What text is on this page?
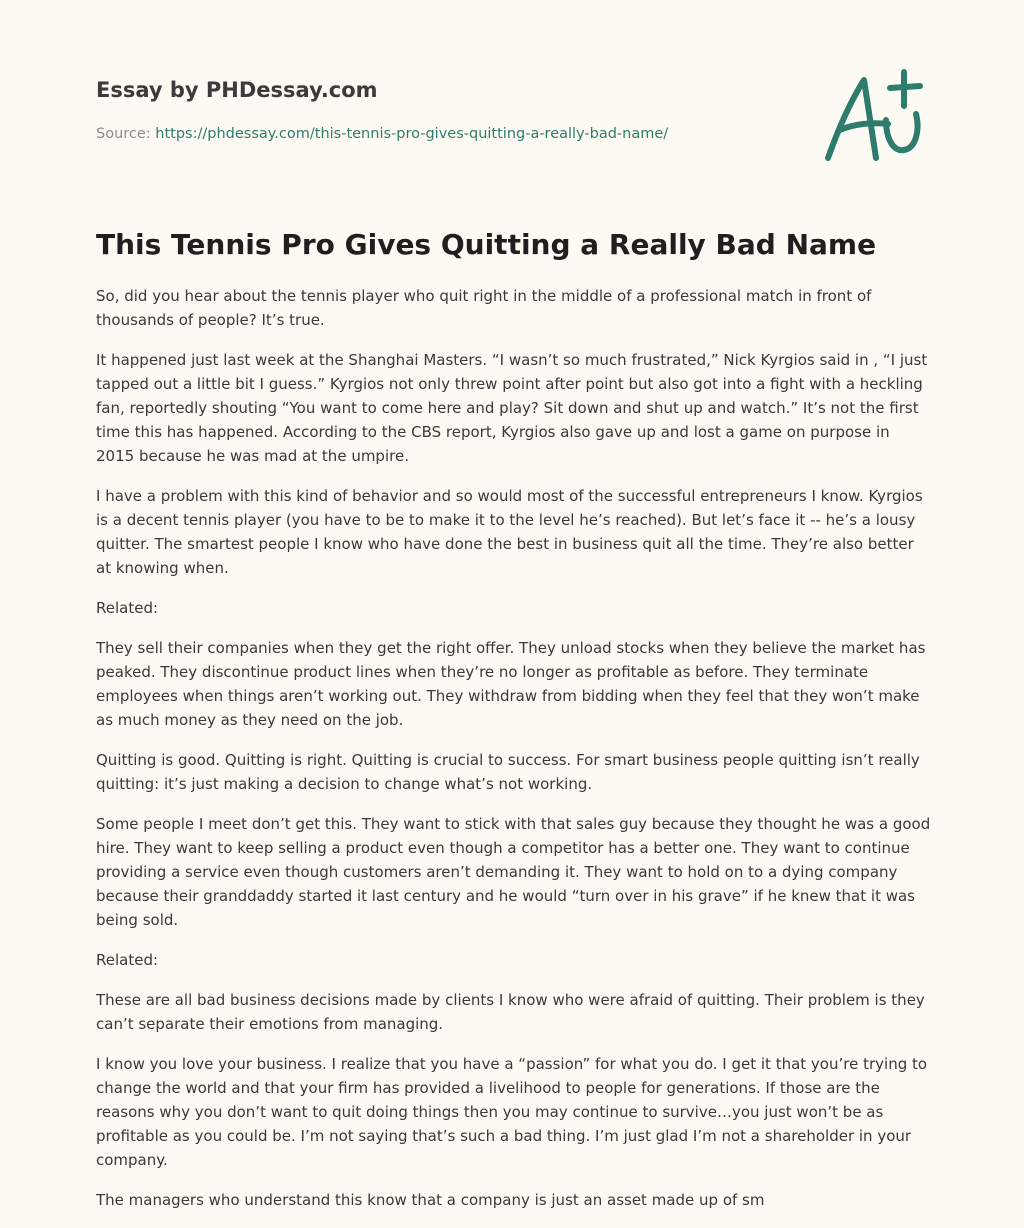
Essay by PHDessay.com
Source: https://phdessay.com/this-tennis-pro-gives-quitting-a-really-bad-name/
This Tennis Pro Gives Quitting a Really Bad Name

So, did you hear about the tennis player who quit right in the middle of a professional match in front of thousands of people? It’s true.

It happened just last week at the Shanghai Masters. “I wasn’t so much frustrated,” Nick Kyrgios said in , “I just tapped out a little bit I guess.” Kyrgios not only threw point after point but also got into a fight with a heckling fan, reportedly shouting “You want to come here and play? Sit down and shut up and watch.” It’s not the first time this has happened. According to the CBS report, Kyrgios also gave up and lost a game on purpose in 2015 because he was mad at the umpire.

I have a problem with this kind of behavior and so would most of the successful entrepreneurs I know. Kyrgios is a decent tennis player (you have to be to make it to the level he’s reached). But let’s face it -- he’s a lousy quitter. The smartest people I know who have done the best in business quit all the time. They’re also better at knowing when.

Related:

They sell their companies when they get the right offer. They unload stocks when they believe the market has peaked. They discontinue product lines when they’re no longer as profitable as before. They terminate employees when things aren’t working out. They withdraw from bidding when they feel that they won’t make as much money as they need on the job.

Quitting is good. Quitting is right. Quitting is crucial to success. For smart business people quitting isn’t really quitting: it’s just making a decision to change what’s not working.

Some people I meet don’t get this. They want to stick with that sales guy because they thought he was a good hire. They want to keep selling a product even though a competitor has a better one. They want to continue providing a service even though customers aren’t demanding it. They want to hold on to a dying company because their granddaddy started it last century and he would “turn over in his grave” if he knew that it was being sold.

Related:

These are all bad business decisions made by clients I know who were afraid of quitting. Their problem is they can’t separate their emotions from managing.

I know you love your business. I realize that you have a “passion” for what you do. I get it that you’re trying to change the world and that your firm has provided a livelihood to people for generations. If those are the reasons why you don’t want to quit doing things then you may continue to survive…you just won’t be as profitable as you could be. I’m not saying that’s such a bad thing. I’m just glad I’m not a shareholder in your company.

The managers who understand this know that a company is just an asset made up of sm
